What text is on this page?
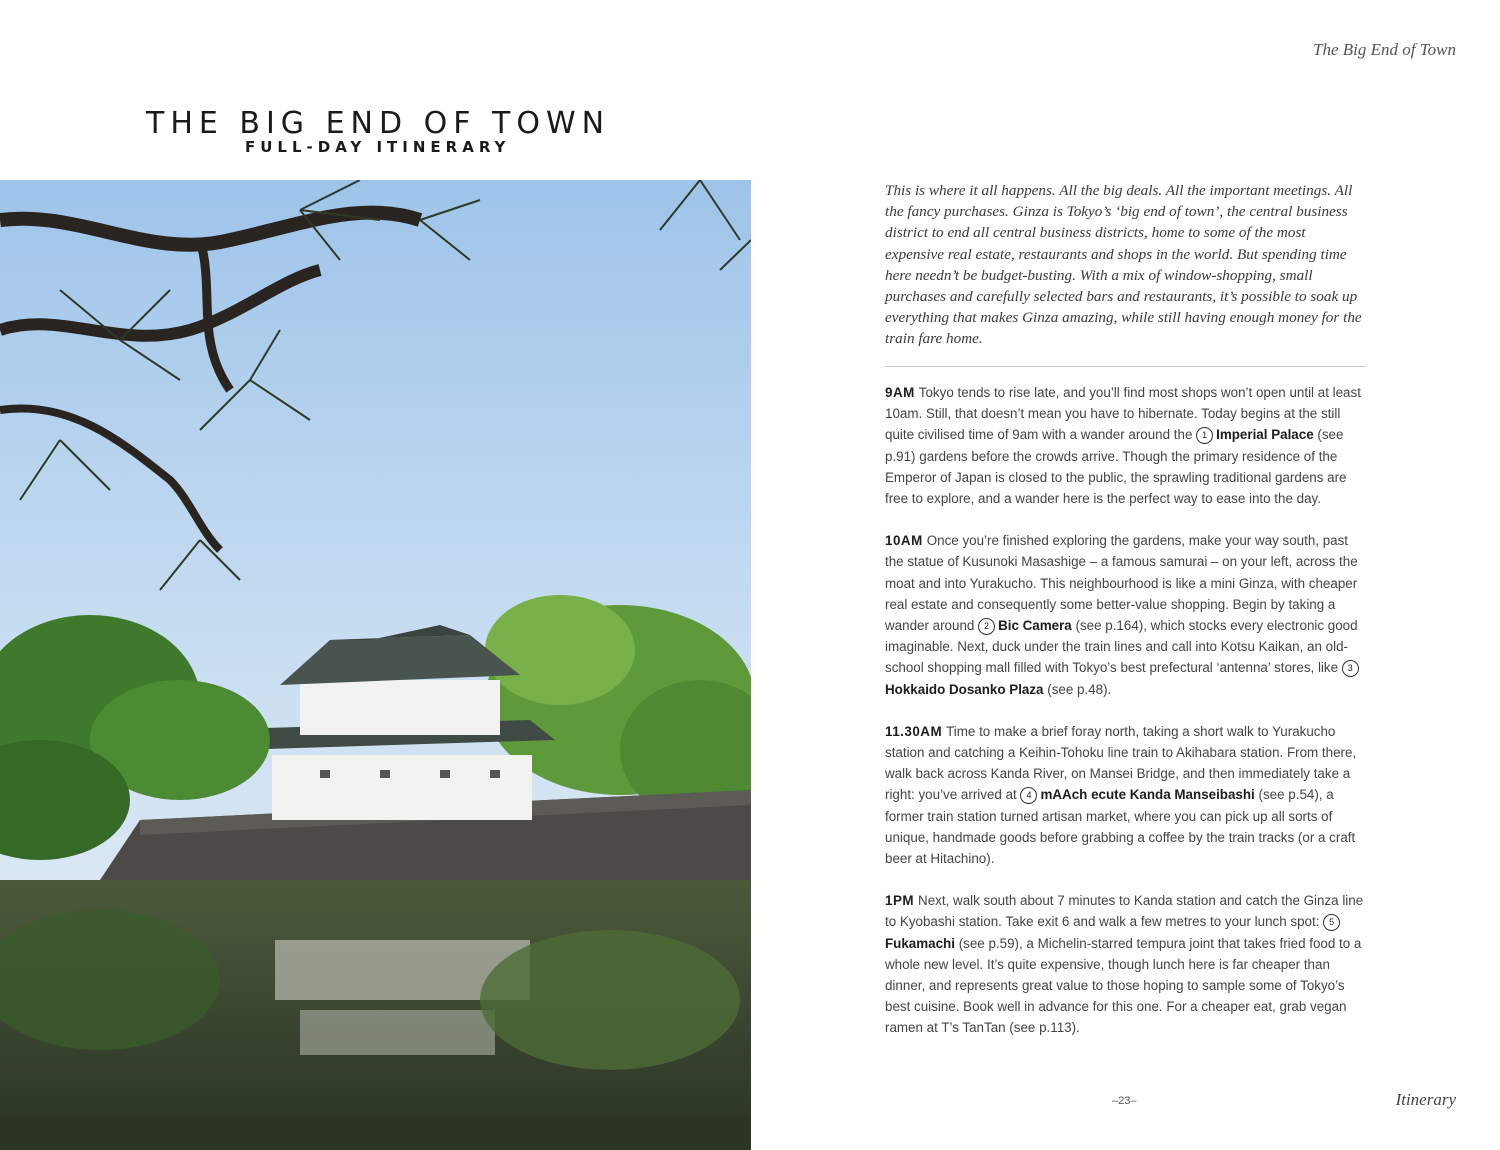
The Big End of Town
THE BIG END OF TOWN
FULL-DAY ITINERARY

This is where it all happens. All the big deals. All the important meetings. All the fancy purchases. Ginza is Tokyo’s ‘big end of town’, the central business district to end all central business districts, home to some of the most expensive real estate, restaurants and shops in the world. But spending time here needn’t be budget-busting. With a mix of window-shopping, small purchases and carefully selected bars and restaurants, it’s possible to soak up everything that makes Ginza amazing, while still having enough money for the train fare home.

9AM Tokyo tends to rise late, and you’ll find most shops won’t open until at least 10am. Still, that doesn’t mean you have to hibernate. Today begins at the still quite civilised time of 9am with a wander around the 1 Imperial Palace (see p.91) gardens before the crowds arrive. Though the primary residence of the Emperor of Japan is closed to the public, the sprawling traditional gardens are free to explore, and a wander here is the perfect way to ease into the day.

10AM Once you’re finished exploring the gardens, make your way south, past the statue of Kusunoki Masashige – a famous samurai – on your left, across the moat and into Yurakucho. This neighbourhood is like a mini Ginza, with cheaper real estate and consequently some better-value shopping. Begin by taking a wander around 2 Bic Camera (see p.164), which stocks every electronic good imaginable. Next, duck under the train lines and call into Kotsu Kaikan, an old-school shopping mall filled with Tokyo’s best prefectural ‘antenna’ stores, like 3Hokkaido Dosanko Plaza (see p.48).

11.30AM Time to make a brief foray north, taking a short walk to Yurakucho station and catching a Keihin-Tohoku line train to Akihabara station. From there, walk back across Kanda River, on Mansei Bridge, and then immediately take a right: you’ve arrived at 4 mAAch ecute Kanda Manseibashi (see p.54), a former train station turned artisan market, where you can pick up all sorts of unique, handmade goods before grabbing a coffee by the train tracks (or a craft beer at Hitachino).

1PM Next, walk south about 7 minutes to Kanda station and catch the Ginza line to Kyobashi station. Take exit 6 and walk a few metres to your lunch spot: 5Fukamachi (see p.59), a Michelin-starred tempura joint that takes fried food to a whole new level. It’s quite expensive, though lunch here is far cheaper than dinner, and represents great value to those hoping to sample some of Tokyo’s best cuisine. Book well in advance for this one. For a cheaper eat, grab vegan ramen at T’s TanTan (see p.113).

–23–	Itinerary
